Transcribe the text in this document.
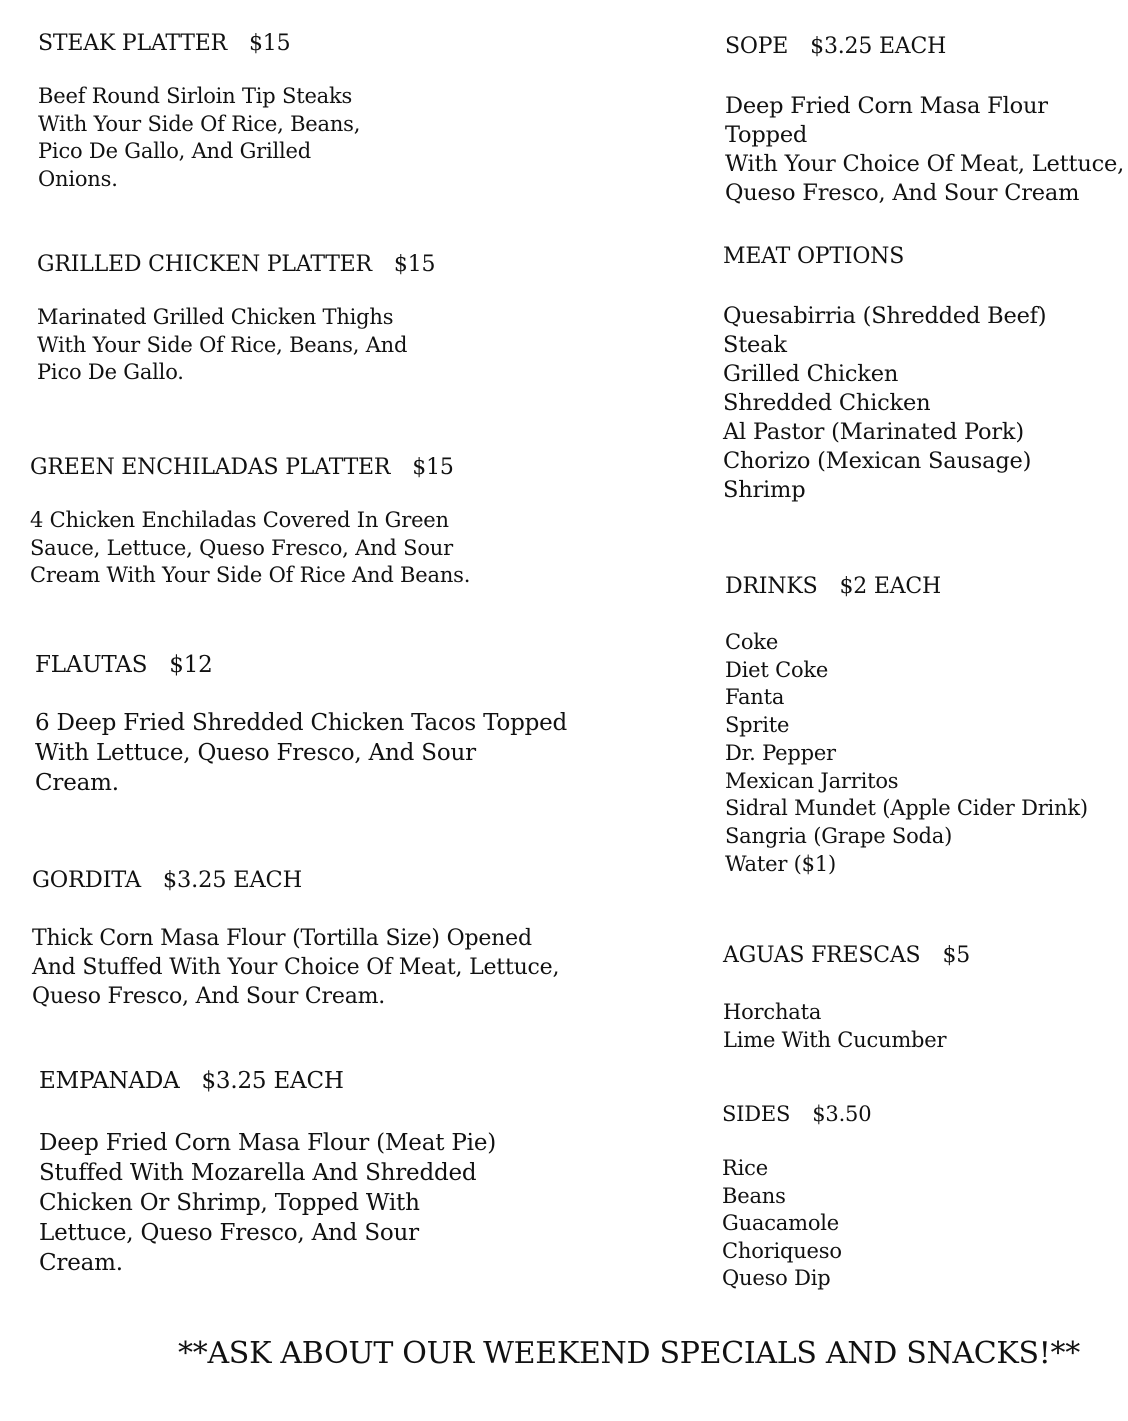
STEAK PLATTER $15
Beef Round Sirloin Tip Steaks
With Your Side Of Rice, Beans,
Pico De Gallo, And Grilled
Onions.
GRILLED CHICKEN PLATTER $15
Marinated Grilled Chicken Thighs
With Your Side Of Rice, Beans, And
Pico De Gallo.
GREEN ENCHILADAS PLATTER $15
4 Chicken Enchiladas Covered In Green
Sauce, Lettuce, Queso Fresco, And Sour
Cream With Your Side Of Rice And Beans.
FLAUTAS $12
6 Deep Fried Shredded Chicken Tacos Topped
With Lettuce, Queso Fresco, And Sour
Cream.
GORDITA $3.25 EACH
Thick Corn Masa Flour (Tortilla Size) Opened
And Stuffed With Your Choice Of Meat, Lettuce,
Queso Fresco, And Sour Cream.
EMPANADA $3.25 EACH
Deep Fried Corn Masa Flour (Meat Pie)
Stuffed With Mozarella And Shredded
Chicken Or Shrimp, Topped With
Lettuce, Queso Fresco, And Sour
Cream.
SOPE $3.25 EACH
Deep Fried Corn Masa Flour Topped
With Your Choice Of Meat, Lettuce,
Queso Fresco, And Sour Cream
MEAT OPTIONS
Quesabirria (Shredded Beef)
Steak
Grilled Chicken
Shredded Chicken
Al Pastor (Marinated Pork)
Chorizo (Mexican Sausage)
Shrimp
DRINKS $2 EACH
Coke
Diet Coke
Fanta
Sprite
Dr. Pepper
Mexican Jarritos
Sidral Mundet (Apple Cider Drink)
Sangria (Grape Soda)
Water ($1)
AGUAS FRESCAS $5
Horchata
Lime With Cucumber
SIDES $3.50
Rice
Beans
Guacamole
Choriqueso
Queso Dip
**ASK ABOUT OUR WEEKEND SPECIALS AND SNACKS!**
